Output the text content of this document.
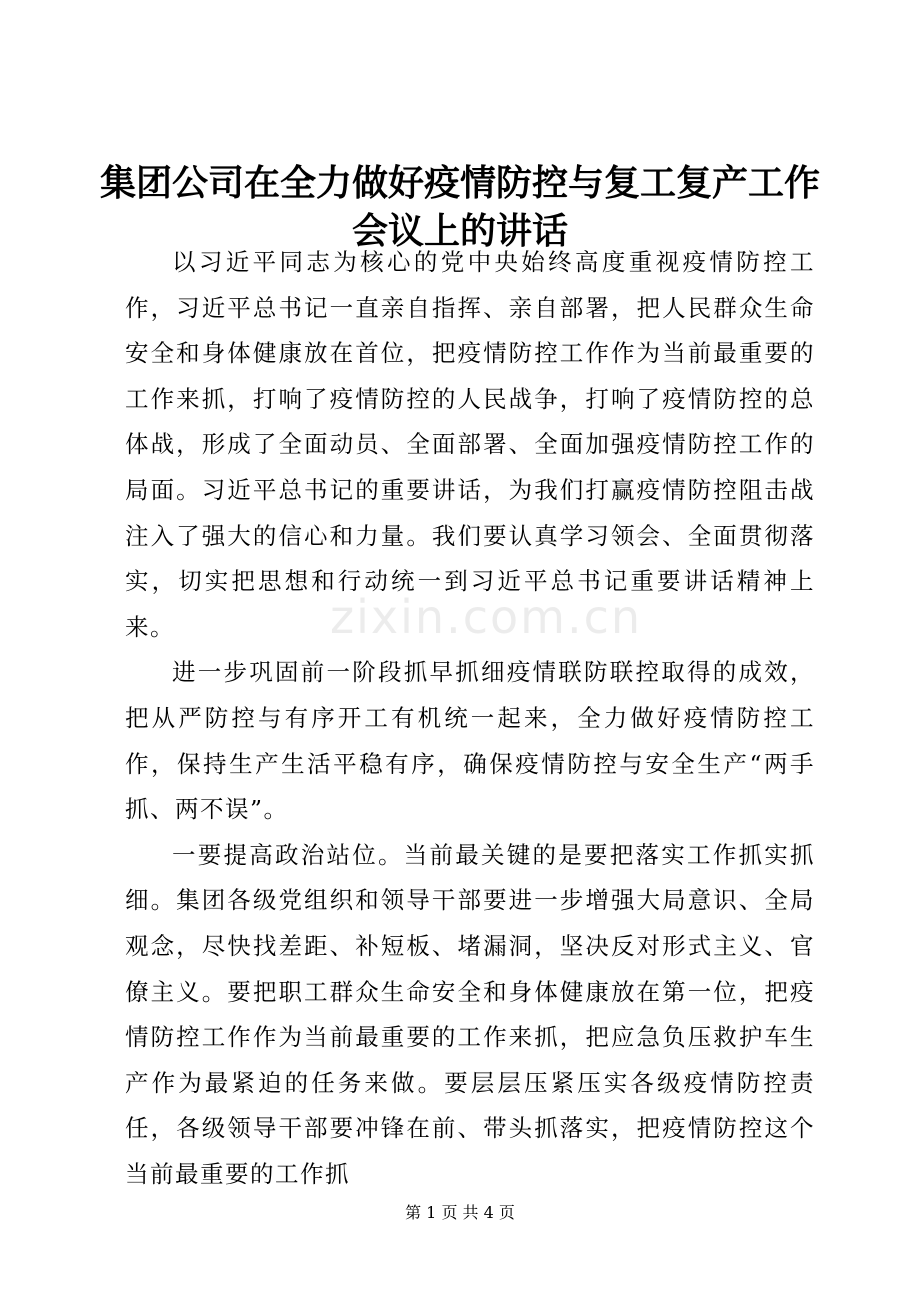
集团公司在全力做好疫情防控与复工复产工作
会议上的讲话

以习近平同志为核心的党中央始终高度重视疫情防控工作，习近平总书记一直亲自指挥、亲自部署，把人民群众生命安全和身体健康放在首位，把疫情防控工作作为当前最重要的工作来抓，打响了疫情防控的人民战争，打响了疫情防控的总体战，形成了全面动员、全面部署、全面加强疫情防控工作的局面。习近平总书记的重要讲话，为我们打赢疫情防控阻击战注入了强大的信心和力量。我们要认真学习领会、全面贯彻落实，切实把思想和行动统一到习近平总书记重要讲话精神上来。

进一步巩固前一阶段抓早抓细疫情联防联控取得的成效，把从严防控与有序开工有机统一起来，全力做好疫情防控工作，保持生产生活平稳有序，确保疫情防控与安全生产“两手抓、两不误”。

一要提高政治站位。当前最关键的是要把落实工作抓实抓细。集团各级党组织和领导干部要进一步增强大局意识、全局观念，尽快找差距、补短板、堵漏洞，坚决反对形式主义、官僚主义。要把职工群众生命安全和身体健康放在第一位，把疫情防控工作作为当前最重要的工作来抓，把应急负压救护车生产作为最紧迫的任务来做。要层层压紧压实各级疫情防控责任，各级领导干部要冲锋在前、带头抓落实，把疫情防控这个当前最重要的工作抓

zixin.com.cn
第 1 页 共 4 页
